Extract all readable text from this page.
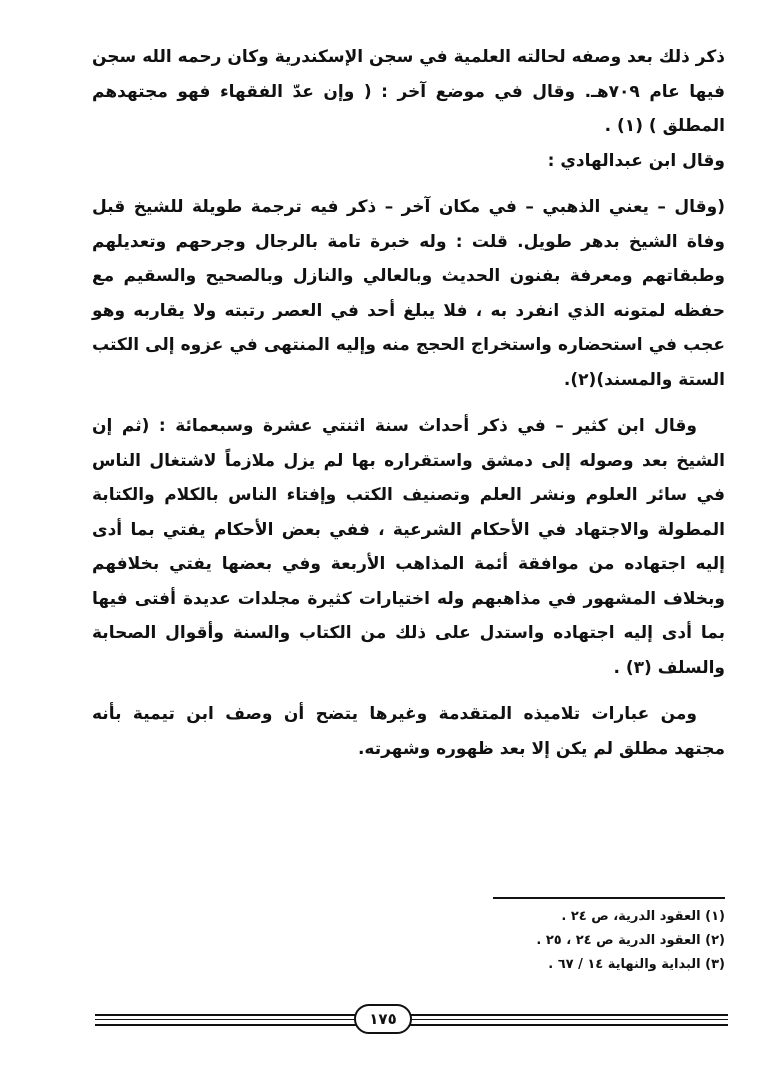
ذكر ذلك بعد وصفه لحالته العلمية في سجن الإسكندرية وكان رحمه الله سجن فيها عام ٧٠٩هـ. وقال في موضع آخر : ( وإن عدّ الفقهاء فهو مجتهدهم المطلق ) (١) .

وقال ابن عبدالهادي :

(وقال – يعني الذهبي – في مكان آخر – ذكر فيه ترجمة طويلة للشيخ قبل وفاة الشيخ بدهر طويل. قلت : وله خبرة تامة بالرجال وجرحهم وتعديلهم وطبقاتهم ومعرفة بفنون الحديث وبالعالي والنازل وبالصحيح والسقيم مع حفظه لمتونه الذي انفرد به ، فلا يبلغ أحد في العصر رتبته ولا يقاربه وهو عجب في استحضاره واستخراج الحجج منه وإليه المنتهى في عزوه إلى الكتب الستة والمسند)(٢).

وقال ابن كثير – في ذكر أحداث سنة اثنتي عشرة وسبعمائة : (ثم إن الشيخ بعد وصوله إلى دمشق واستقراره بها لم يزل ملازماً لاشتغال الناس في سائر العلوم ونشر العلم وتصنيف الكتب وإفتاء الناس بالكلام والكتابة المطولة والاجتهاد في الأحكام الشرعية ، ففي بعض الأحكام يفتي بما أدى إليه اجتهاده من موافقة أئمة المذاهب الأربعة وفي بعضها يفتي بخلافهم وبخلاف المشهور في مذاهبهم وله اختيارات كثيرة مجلدات عديدة أفتى فيها بما أدى إليه اجتهاده واستدل على ذلك من الكتاب والسنة وأقوال الصحابة والسلف (٣) .

ومن عبارات تلاميذه المتقدمة وغيرها يتضح أن وصف ابن تيمية بأنه مجتهد مطلق لم يكن إلا بعد ظهوره وشهرته.

(١) العقود الدرية، ص ٢٤ .
(٢) العقود الدرية ص ٢٤ ، ٢٥ .
(٣) البداية والنهاية ١٤ / ٦٧ .
١٧٥
